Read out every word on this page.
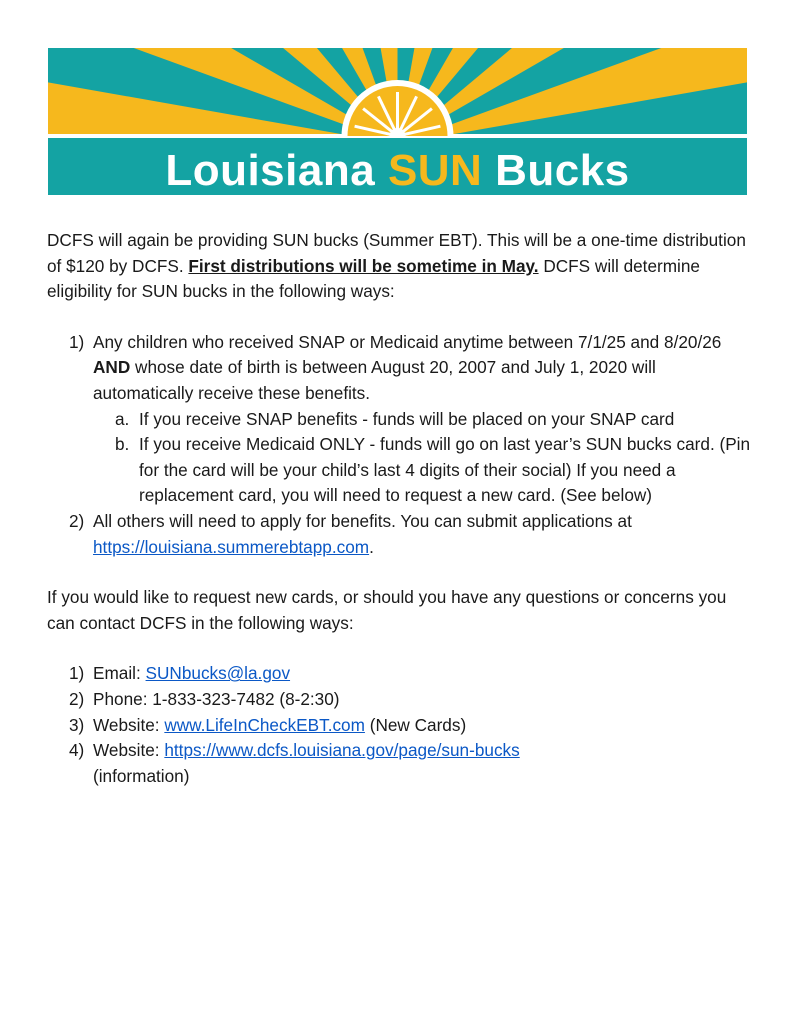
Louisiana SUN Bucks

DCFS will again be providing SUN bucks (Summer EBT). This will be a one-time distribution of $120 by DCFS. First distributions will be sometime in May. DCFS will determine eligibility for SUN bucks in the following ways:

1) Any children who received SNAP or Medicaid anytime between 7/1/25 and 8/20/26 AND whose date of birth is between August 20, 2007 and July 1, 2020 will automatically receive these benefits.
a. If you receive SNAP benefits - funds will be placed on your SNAP card
b. If you receive Medicaid ONLY - funds will go on last year’s SUN bucks card. (Pin for the card will be your child’s last 4 digits of their social) If you need a replacement card, you will need to request a new card. (See below)
2) All others will need to apply for benefits. You can submit applications at https://louisiana.summerebtapp.com.

If you would like to request new cards, or should you have any questions or concerns you can contact DCFS in the following ways:

1) Email: SUNbucks@la.gov
2) Phone: 1-833-323-7482 (8-2:30)
3) Website: www.LifeInCheckEBT.com (New Cards)
4) Website: https://www.dcfs.louisiana.gov/page/sun-bucks
(information)
